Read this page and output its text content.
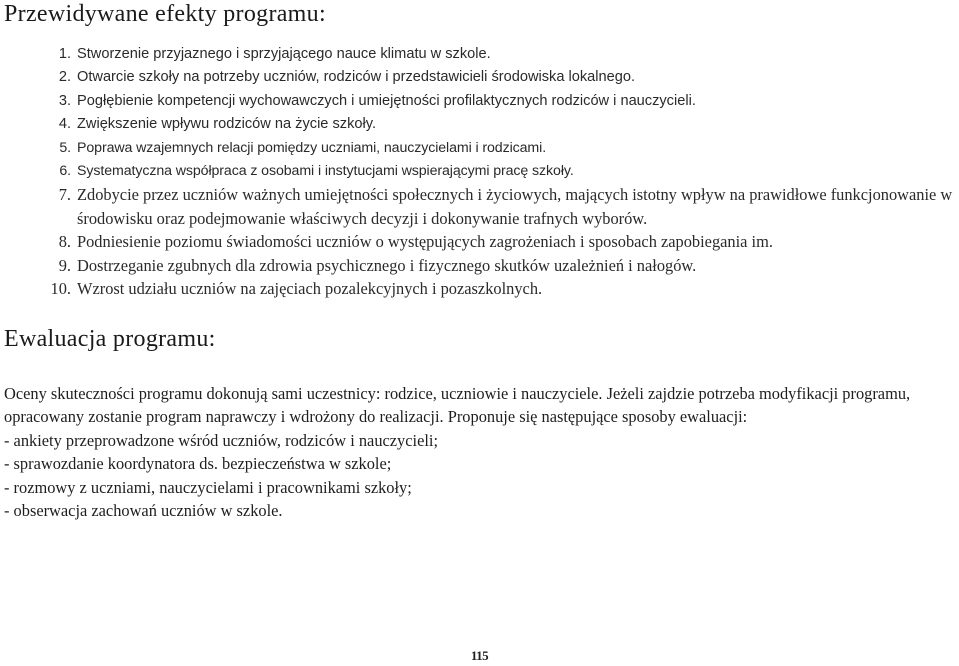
Przewidywane efekty programu:
1. Stworzenie przyjaznego i sprzyjającego nauce klimatu w szkole.
2. Otwarcie szkoły na potrzeby uczniów, rodziców i przedstawicieli środowiska lokalnego.
3. Pogłębienie kompetencji wychowawczych i umiejętności profilaktycznych rodziców i nauczycieli.
4. Zwiększenie wpływu rodziców na życie szkoły.
5. Poprawa wzajemnych relacji pomiędzy uczniami, nauczycielami i rodzicami.
6. Systematyczna współpraca z osobami i instytucjami wspierającymi pracę szkoły.
7. Zdobycie przez uczniów ważnych umiejętności społecznych i życiowych, mających istotny wpływ na prawidłowe funkcjonowanie w środowisku oraz podejmowanie właściwych decyzji i dokonywanie trafnych wyborów.
8. Podniesienie poziomu świadomości uczniów o występujących zagrożeniach i sposobach zapobiegania im.
9. Dostrzeganie zgubnych dla zdrowia psychicznego i fizycznego skutków uzależnień i nałogów.
10. Wzrost udziału uczniów na zajęciach pozalekcyjnych i pozaszkolnych.
Ewaluacja programu:

Oceny skuteczności programu dokonują sami uczestnicy: rodzice, uczniowie i nauczyciele. Jeżeli zajdzie potrzeba modyfikacji programu, opracowany zostanie program naprawczy i wdrożony do realizacji. Proponuje się następujące sposoby ewaluacji:

- ankiety przeprowadzone wśród uczniów, rodziców i nauczycieli;
- sprawozdanie koordynatora ds. bezpieczeństwa w szkole;
- rozmowy z uczniami, nauczycielami i pracownikami szkoły;
- obserwacja zachowań uczniów w szkole.
115
